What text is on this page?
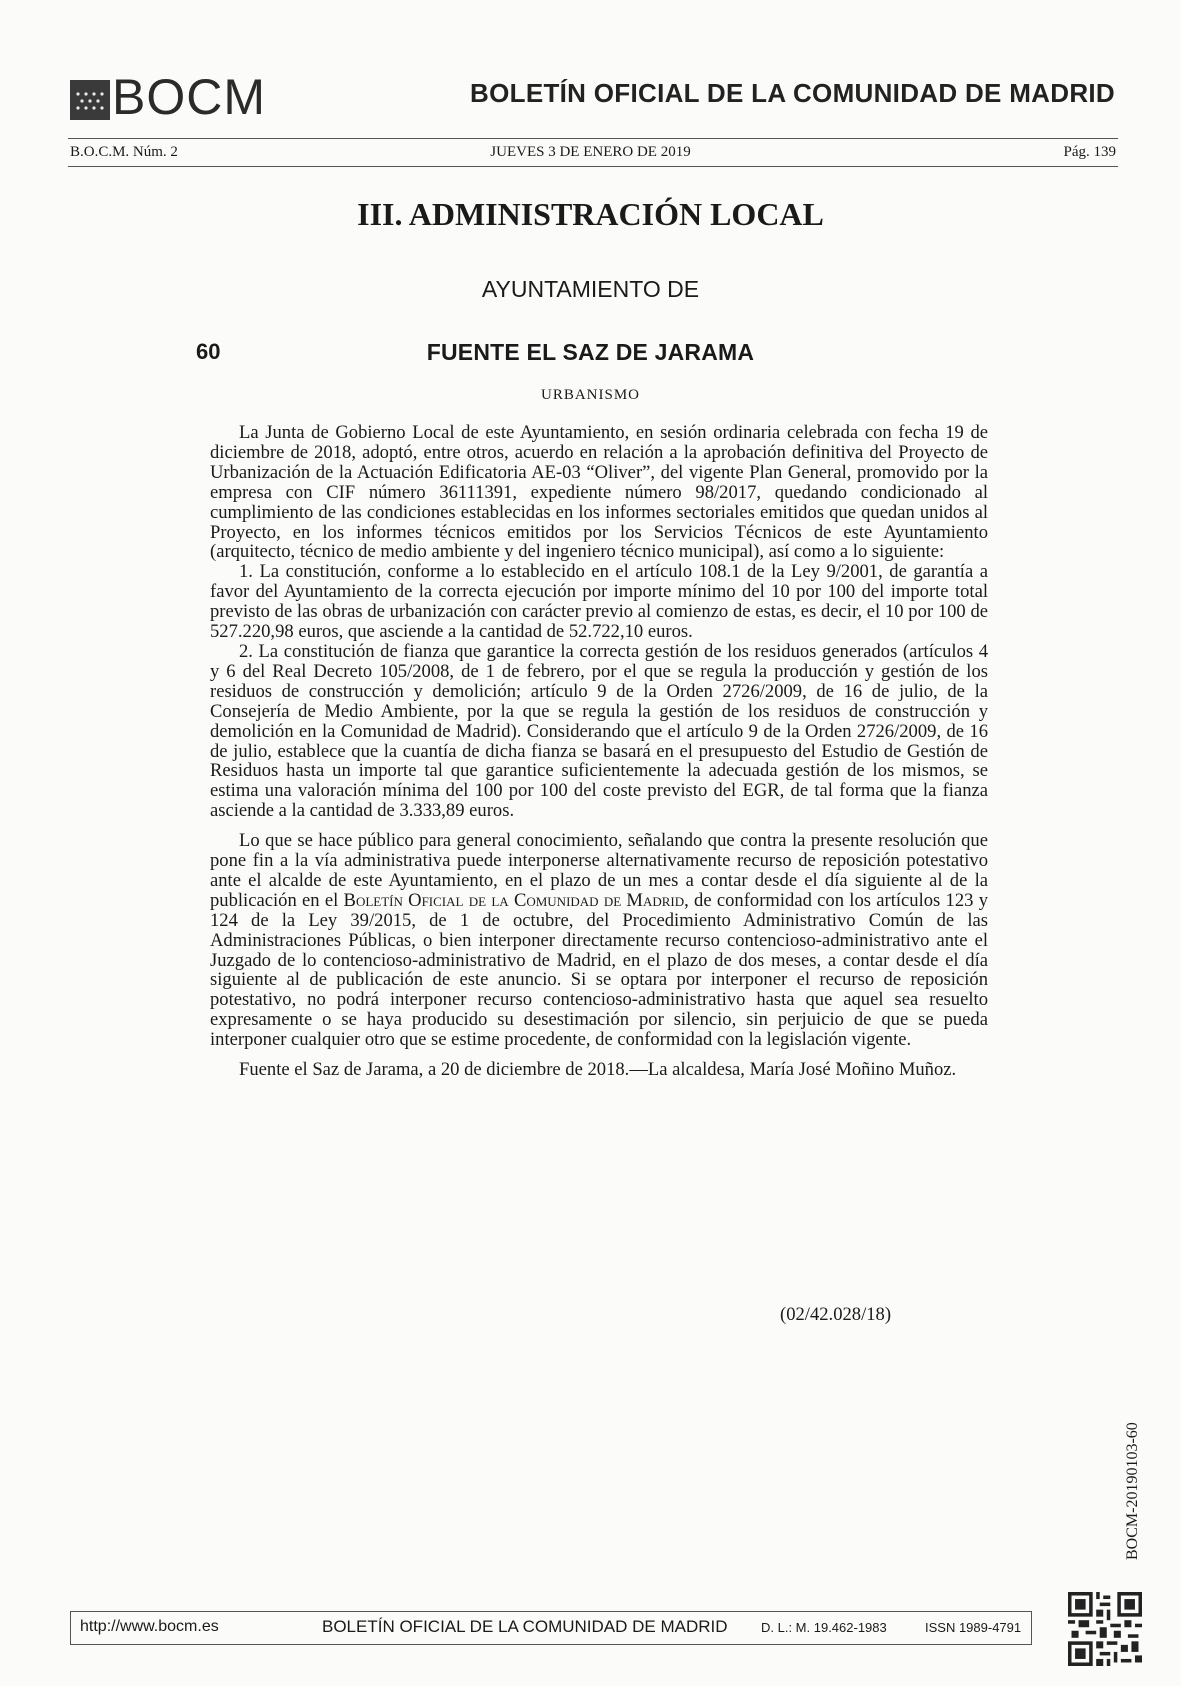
BOCM	BOLETÍN OFICIAL DE LA COMUNIDAD DE MADRID
B.O.C.M. Núm. 2	JUEVES 3 DE ENERO DE 2019	Pág. 139
III. ADMINISTRACIÓN LOCAL
AYUNTAMIENTO DE
60	FUENTE EL SAZ DE JARAMA
URBANISMO

La Junta de Gobierno Local de este Ayuntamiento, en sesión ordinaria celebrada con fecha 19 de diciembre de 2018, adoptó, entre otros, acuerdo en relación a la aprobación definitiva del Proyecto de Urbanización de la Actuación Edificatoria AE-03 “Oliver”, del vigente Plan General, promovido por la empresa con CIF número 36111391, expediente número 98/2017, quedando condicionado al cumplimiento de las condiciones establecidas en los informes sectoriales emitidos que quedan unidos al Proyecto, en los informes técnicos emitidos por los Servicios Técnicos de este Ayuntamiento (arquitecto, técnico de medio ambiente y del ingeniero técnico municipal), así como a lo siguiente:

1. La constitución, conforme a lo establecido en el artículo 108.1 de la Ley 9/2001, de garantía a favor del Ayuntamiento de la correcta ejecución por importe mínimo del 10 por 100 del importe total previsto de las obras de urbanización con carácter previo al comienzo de estas, es decir, el 10 por 100 de 527.220,98 euros, que asciende a la cantidad de 52.722,10 euros.

2. La constitución de fianza que garantice la correcta gestión de los residuos generados (artículos 4 y 6 del Real Decreto 105/2008, de 1 de febrero, por el que se regula la producción y gestión de los residuos de construcción y demolición; artículo 9 de la Orden 2726/2009, de 16 de julio, de la Consejería de Medio Ambiente, por la que se regula la gestión de los residuos de construcción y demolición en la Comunidad de Madrid). Considerando que el artículo 9 de la Orden 2726/2009, de 16 de julio, establece que la cuantía de dicha fianza se basará en el presupuesto del Estudio de Gestión de Residuos hasta un importe tal que garantice suficientemente la adecuada gestión de los mismos, se estima una valoración mínima del 100 por 100 del coste previsto del EGR, de tal forma que la fianza asciende a la cantidad de 3.333,89 euros.

Lo que se hace público para general conocimiento, señalando que contra la presente resolución que pone fin a la vía administrativa puede interponerse alternativamente recurso de reposición potestativo ante el alcalde de este Ayuntamiento, en el plazo de un mes a contar desde el día siguiente al de la publicación en el Boletín Oficial de la Comunidad de Madrid, de conformidad con los artículos 123 y 124 de la Ley 39/2015, de 1 de octubre, del Procedimiento Administrativo Común de las Administraciones Públicas, o bien interponer directamente recurso contencioso-administrativo ante el Juzgado de lo contencioso-administrativo de Madrid, en el plazo de dos meses, a contar desde el día siguiente al de publicación de este anuncio. Si se optara por interponer el recurso de reposición potestativo, no podrá interponer recurso contencioso-administrativo hasta que aquel sea resuelto expresamente o se haya producido su desestimación por silencio, sin perjuicio de que se pueda interponer cualquier otro que se estime procedente, de conformidad con la legislación vigente.

Fuente el Saz de Jarama, a 20 de diciembre de 2018.—La alcaldesa, María José Moñino Muñoz.

(02/42.028/18)
BOCM-20190103-60
http://www.bocm.es	BOLETÍN OFICIAL DE LA COMUNIDAD DE MADRID	D. L.: M. 19.462-1983	ISSN 1989-4791
